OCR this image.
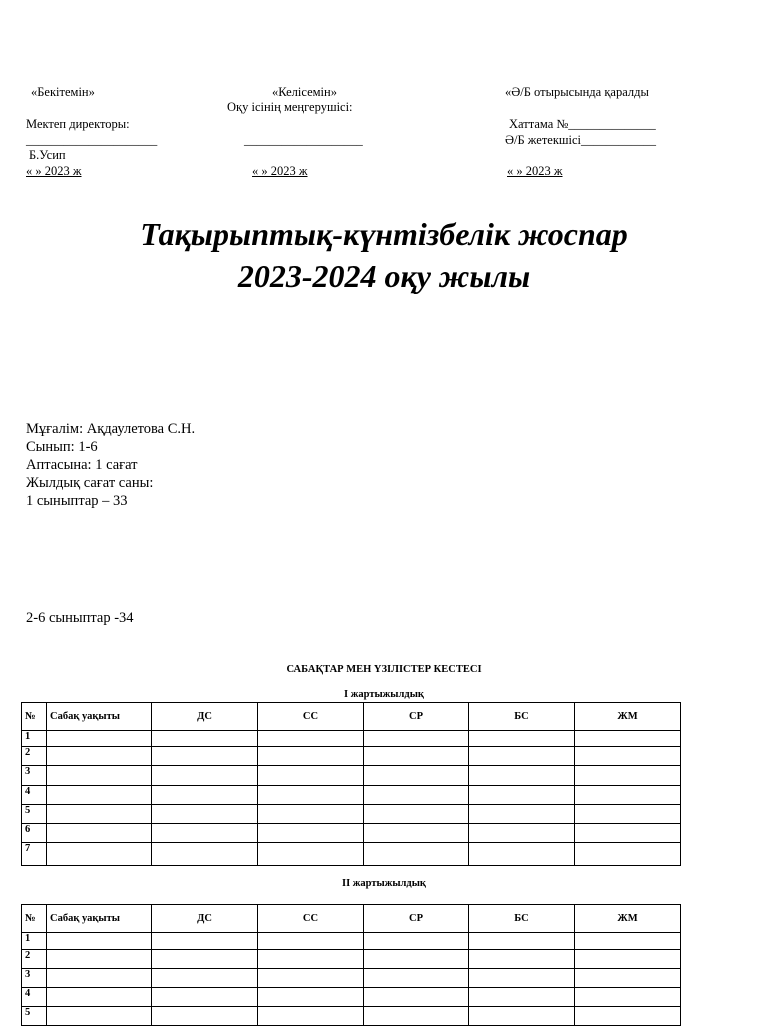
«Бекітемін»
Мектеп директоры:
_____________________
Б.Усип
« » 2023 ж
«Келісемін»
Оқу ісінің меңгерушісі:
___________________
« » 2023 ж
«Ә/Б отырысында қаралды
Хаттама №______________
Ә/Б жетекшісі____________
« » 2023 ж
Тақырыптық-күнтізбелік жоспар
2023-2024 оқу жылы
Мұғалім: Ақдаулетова С.Н.
Сынып: 1-6
Аптасына: 1 сағат
Жылдық сағат саны:
1 сыныптар – 33
2-6 сыныптар -34
САБАҚТАР МЕН ҮЗІЛІСТЕР КЕСТЕСІ
І жартыжылдық
№	Сабақ уақыты	ДС	СС	СР	БС	ЖМ
1						
2						
3						
4						
5						
6						
7						
ІІ жартыжылдық
№	Сабақ уақыты	ДС	СС	СР	БС	ЖМ
1						
2						
3						
4						
5						
